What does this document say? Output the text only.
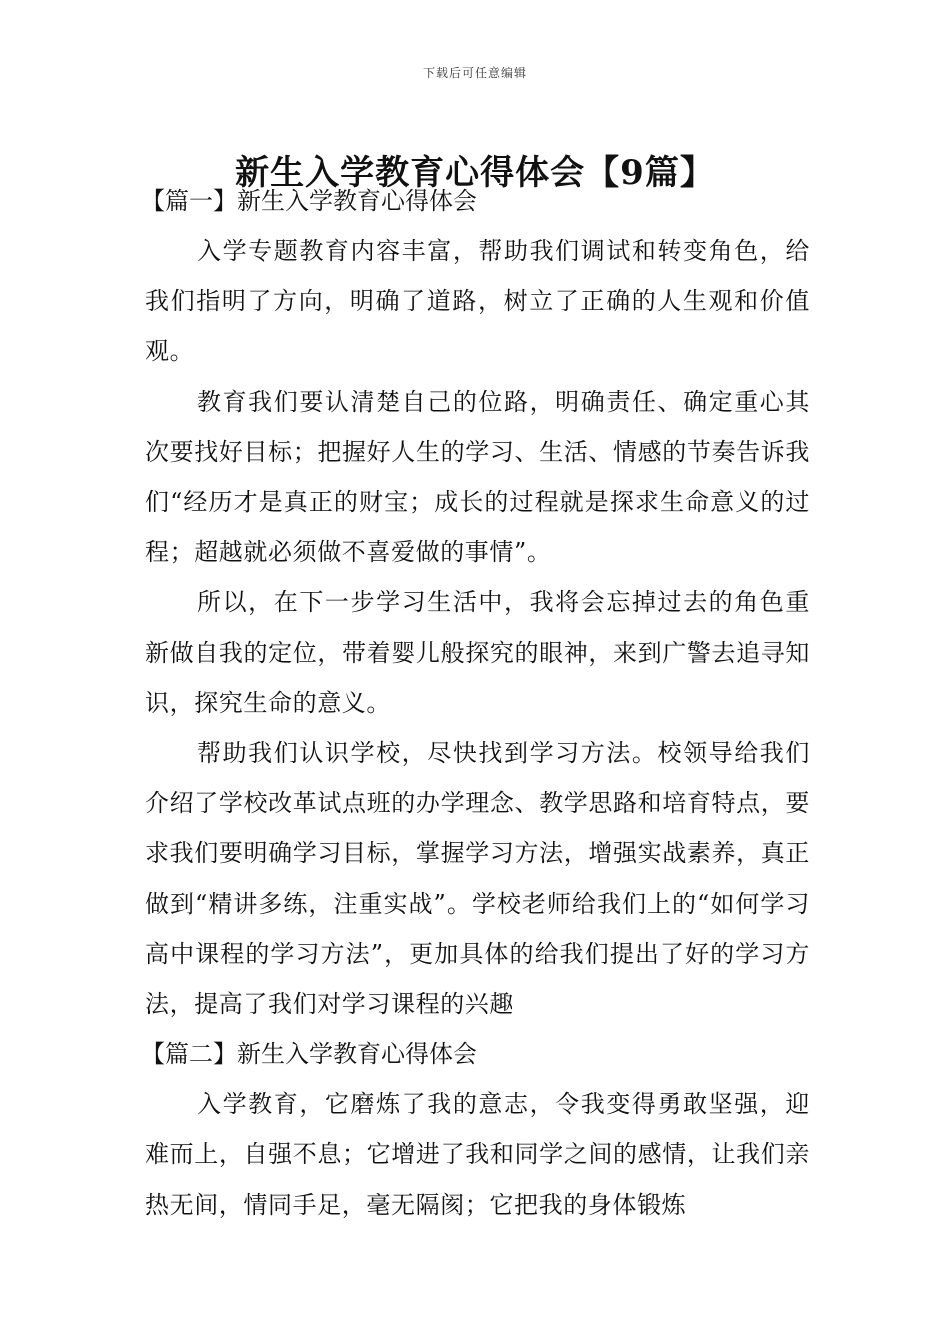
下载后可任意编辑
新生入学教育心得体会【9篇】

【篇一】新生入学教育心得体会

入学专题教育内容丰富，帮助我们调试和转变角色，给我们指明了方向，明确了道路，树立了正确的人生观和价值观。

教育我们要认清楚自己的位路，明确责任、确定重心其次要找好目标；把握好人生的学习、生活、情感的节奏告诉我们“经历才是真正的财宝；成长的过程就是探求生命意义的过程；超越就必须做不喜爱做的事情”。

所以，在下一步学习生活中，我将会忘掉过去的角色重新做自我的定位，带着婴儿般探究的眼神，来到广警去追寻知识，探究生命的意义。

帮助我们认识学校，尽快找到学习方法。校领导给我们介绍了学校改革试点班的办学理念、教学思路和培育特点，要求我们要明确学习目标，掌握学习方法，增强实战素养，真正做到“精讲多练，注重实战”。学校老师给我们上的“如何学习高中课程的学习方法”，更加具体的给我们提出了好的学习方法，提高了我们对学习课程的兴趣

【篇二】新生入学教育心得体会

入学教育，它磨炼了我的意志，令我变得勇敢坚强，迎难而上，自强不息；它增进了我和同学之间的感情，让我们亲热无间，情同手足，毫无隔阂；它把我的身体锻炼
